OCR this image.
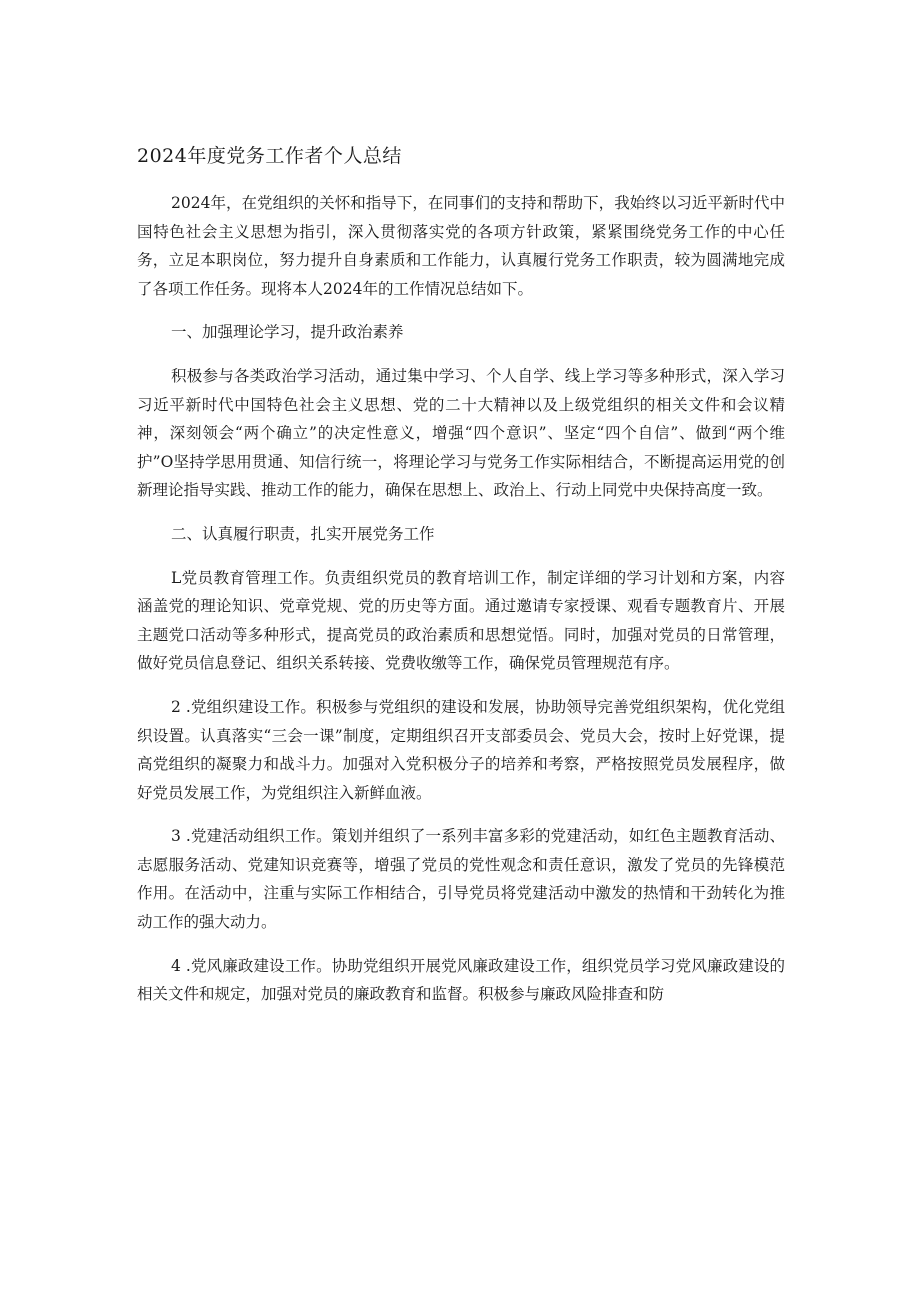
2024年度党务工作者个人总结

2024年，在党组织的关怀和指导下，在同事们的支持和帮助下，我始终以习近平新时代中国特色社会主义思想为指引，深入贯彻落实党的各项方针政策，紧紧围绕党务工作的中心任务，立足本职岗位，努力提升自身素质和工作能力，认真履行党务工作职责，较为圆满地完成了各项工作任务。现将本人2024年的工作情况总结如下。

一、加强理论学习，提升政治素养

积极参与各类政治学习活动，通过集中学习、个人自学、线上学习等多种形式，深入学习习近平新时代中国特色社会主义思想、党的二十大精神以及上级党组织的相关文件和会议精神，深刻领会“两个确立”的决定性意义，增强“四个意识”、坚定“四个自信”、做到“两个维护”O坚持学思用贯通、知信行统一，将理论学习与党务工作实际相结合，不断提高运用党的创新理论指导实践、推动工作的能力，确保在思想上、政治上、行动上同党中央保持高度一致。

二、认真履行职责，扎实开展党务工作

L党员教育管理工作。负责组织党员的教育培训工作，制定详细的学习计划和方案，内容涵盖党的理论知识、党章党规、党的历史等方面。通过邀请专家授课、观看专题教育片、开展主题党口活动等多种形式，提高党员的政治素质和思想觉悟。同时，加强对党员的日常管理，做好党员信息登记、组织关系转接、党费收缴等工作，确保党员管理规范有序。

2 .党组织建设工作。积极参与党组织的建设和发展，协助领导完善党组织架构，优化党组织设置。认真落实“三会一课”制度，定期组织召开支部委员会、党员大会，按时上好党课，提高党组织的凝聚力和战斗力。加强对入党积极分子的培养和考察，严格按照党员发展程序，做好党员发展工作，为党组织注入新鲜血液。

3 .党建活动组织工作。策划并组织了一系列丰富多彩的党建活动，如红色主题教育活动、志愿服务活动、党建知识竞赛等，增强了党员的党性观念和责任意识，激发了党员的先锋模范作用。在活动中，注重与实际工作相结合，引导党员将党建活动中激发的热情和干劲转化为推动工作的强大动力。

4 .党风廉政建设工作。协助党组织开展党风廉政建设工作，组织党员学习党风廉政建设的相关文件和规定，加强对党员的廉政教育和监督。积极参与廉政风险排查和防
